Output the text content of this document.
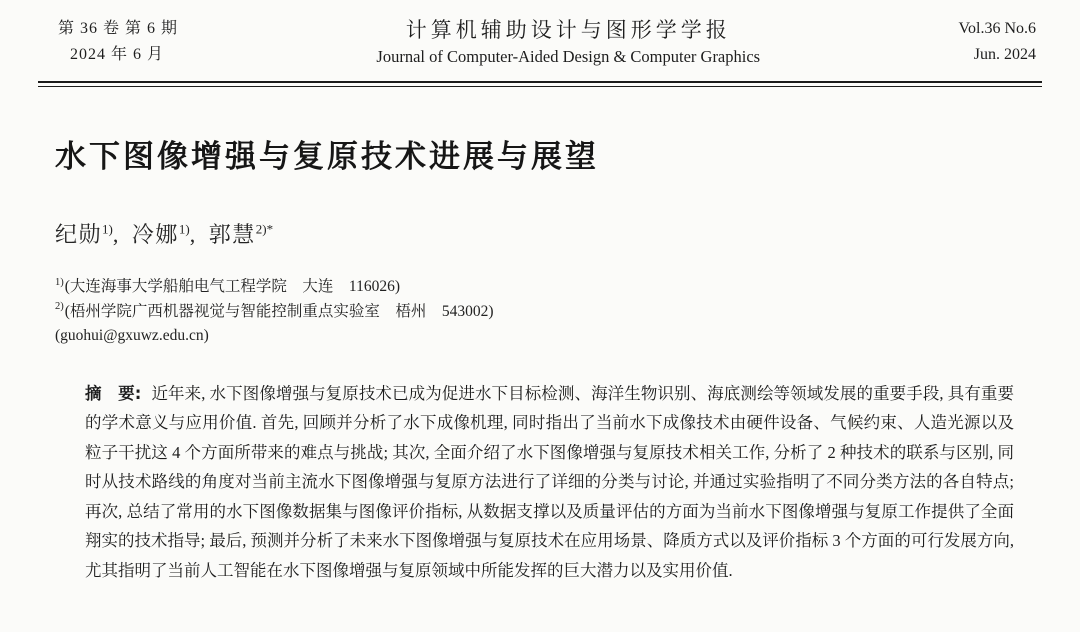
第 36 卷 第 6 期
2024 年 6 月
计算机辅助设计与图形学学报
Journal of Computer-Aided Design & Computer Graphics
Vol.36 No.6
Jun. 2024
水下图像增强与复原技术进展与展望
纪勋$^{1)}$, 冷娜$^{1)}$, 郭慧$^{2)*}$
$^{1)}$(大连海事大学船舶电气工程学院　大连　116026)
$^{2)}$(梧州学院广西机器视觉与智能控制重点实验室　梧州　543002)
(guohui@gxuwz.edu.cn)

摘　要: 近年来, 水下图像增强与复原技术已成为促进水下目标检测、海洋生物识别、海底测绘等领域发展的重要手段, 具有重要的学术意义与应用价值. 首先, 回顾并分析了水下成像机理, 同时指出了当前水下成像技术由硬件设备、气候约束、人造光源以及粒子干扰这 4 个方面所带来的难点与挑战; 其次, 全面介绍了水下图像增强与复原技术相关工作, 分析了 2 种技术的联系与区别, 同时从技术路线的角度对当前主流水下图像增强与复原方法进行了详细的分类与讨论, 并通过实验指明了不同分类方法的各自特点; 再次, 总结了常用的水下图像数据集与图像评价指标, 从数据支撑以及质量评估的方面为当前水下图像增强与复原工作提供了全面翔实的技术指导; 最后, 预测并分析了未来水下图像增强与复原技术在应用场景、降质方式以及评价指标 3 个方面的可行发展方向, 尤其指明了当前人工智能在水下图像增强与复原领域中所能发挥的巨大潜力以及实用价值.
